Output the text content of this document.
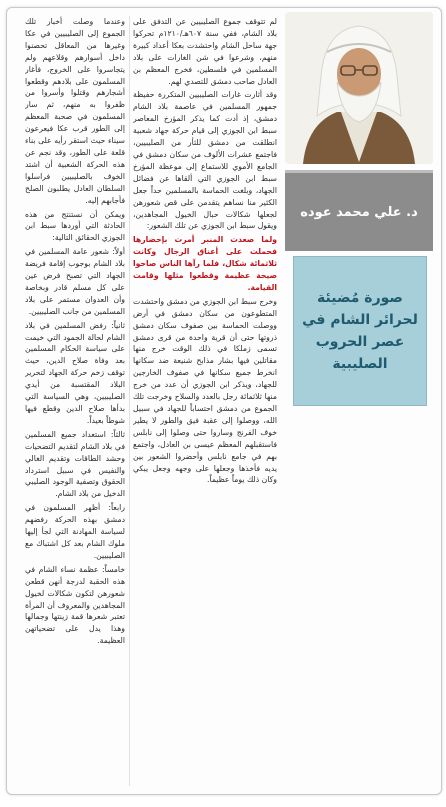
د. علي محمد عوده
صورة مُضيئة لحرائر الشام في عصر الحروب الصليبية

لم تتوقف جموع الصليبيين عن التدفق على بلاد الشام، ففي سنة ٦٠٧هـ/١٢١٠م تحركوا جهة ساحل الشام واحتشدت بعكا أعداد كبيرة منهم، وشرعوا في شن الغارات على بلاد المسلمين في فلسطين، فخرج المعظم بن العادل صاحب دمشق للتصدي لهم.

وقد أثارت غارات الصليبيين المتكررة حفيظة جمهور المسلمين في عاصمة بلاد الشام دمشق، إذ أدت كما يذكر المؤرخ المعاصر سبط ابن الجوزي إلى قيام حركة جهاد شعبية انطلقت من دمشق للثأر من الصليبيين، فاجتمع عشرات الألوف من سكان دمشق في الجامع الأموي للاستماع إلى موعظة المؤرخ سبط ابن الجوزي التي ألقاها عن فضائل الجهاد، وبلغت الحماسة بالمسلمين حداً جعل الكثير منا نساهم يتقدمن على قص شعورهن لجعلها شكالات حبال الخيول المجاهدين، ويقول سبط ابن الجوزي عن تلك الشعور:

ولما صعدت المنبر أمرت بإحضارها فحملت على أعناق الرجال وكانت ثلاثمائة شكال، فلما رآها الناس صاحوا صيحة عظيمة وقطعوا مثلها وقامت القيامة.

وخرج سبط ابن الجوزي من دمشق واحتشدت المتطوعون من سكان دمشق في أرض ووصلت الحماسة بين صفوف سكان دمشق ذروتها حتى أن قرية واحدة من قرى دمشق تسمى زملكا في ذلك الوقت خرج منها مقاتلين فيها بشار مذابح شنيعة ضد سكانها انخرط جميع سكانها في صفوف الخارجين للجهاد، ويذكر ابن الجوزي أن عدد من خرج منها ثلاثمائة رجل بالعدد والسلاح وخرجت تلك الجموع من دمشق احتساباً للجهاد في سبيل الله، ووصلوا إلى عقبة فيق والطور لا يطير خوف الفرنج وساروا حتى وصلوا إلى نابلس فاستقبلهم المعظم عيسى بن العادل، واجتمع بهم في جامع نابلس وأحضروا الشعور بين يديه فأخذها وجعلها على وجهه وجعل يبكي وكان ذلك يوماً عظيماً.

وعندما وصلت أخبار تلك الجموع إلى الصليبيين في عكا وغيرها من المعاقل تحصنوا داخل أسوارهم وقلاعهم ولم يتجاسروا على الخروج، فأغار المسلمون على بلادهم وقطعوا أشجارهم وقتلوا وأسروا من ظفروا به منهم، ثم سار المسلمون في صحبة المعظم إلى الطور قرب عكا فيعرعون سيناء حيث استقر رأيه على بناء قلعة على الطور، وقد نجم عن هذه الحركة الشعبية أن اشتد الخوف بالصليبيين فراسلوا السلطان العادل يطلبون الصلح فأجابهم إليه.

ويمكن أن نستنتج من هذه الحادثة التي أوردها سبط ابن الجوزي الحقائق التالية:

أولاً: شعور عامة المسلمين في بلاد الشام بوجوب إقامة فريضة الجهاد التي تصبح فرض عين على كل مسلم قادر وبخاصة وأن العدوان مستمر على بلاد المسلمين من جانب الصليبيين.

ثانياً: رفض المسلمين في بلاد الشام لحالة الجمود التي خيمت على سياسة الحكام المسلمين بعد وفاة صلاح الدين، حيث توقف زخم حركة الجهاد لتحرير البلاد المقتسبة من أيدي الصليبيين، وهي السياسة التي بدأها صلاح الدين وقطع فيها شوطاً بعيداً.

ثالثاً: استعداد جميع المسلمين في بلاد الشام لتقديم التضحيات وحشد الطاقات وتقديم الغالي والنفيس في سبيل استرداد الحقوق وتصفية الوجود الصليبي الدخيل من بلاد الشام.

رابعاً: أظهر المسلمون في دمشق بهذه الحركة رفضهم لسياسة المهادنة التي لجأ إليها ملوك الشام بعد كل اشتباك مع الصليبيين.

خامساً: عظمة نساء الشام في هذه الحقبة لدرجة أنهن قطعن شعورهن لتكون شكالات لخيول المجاهدين والمعروف أن المرأة تعتبر شعرها قمة زينتها وجمالها وهذا يدل على تضحياتهن العظيمة.
